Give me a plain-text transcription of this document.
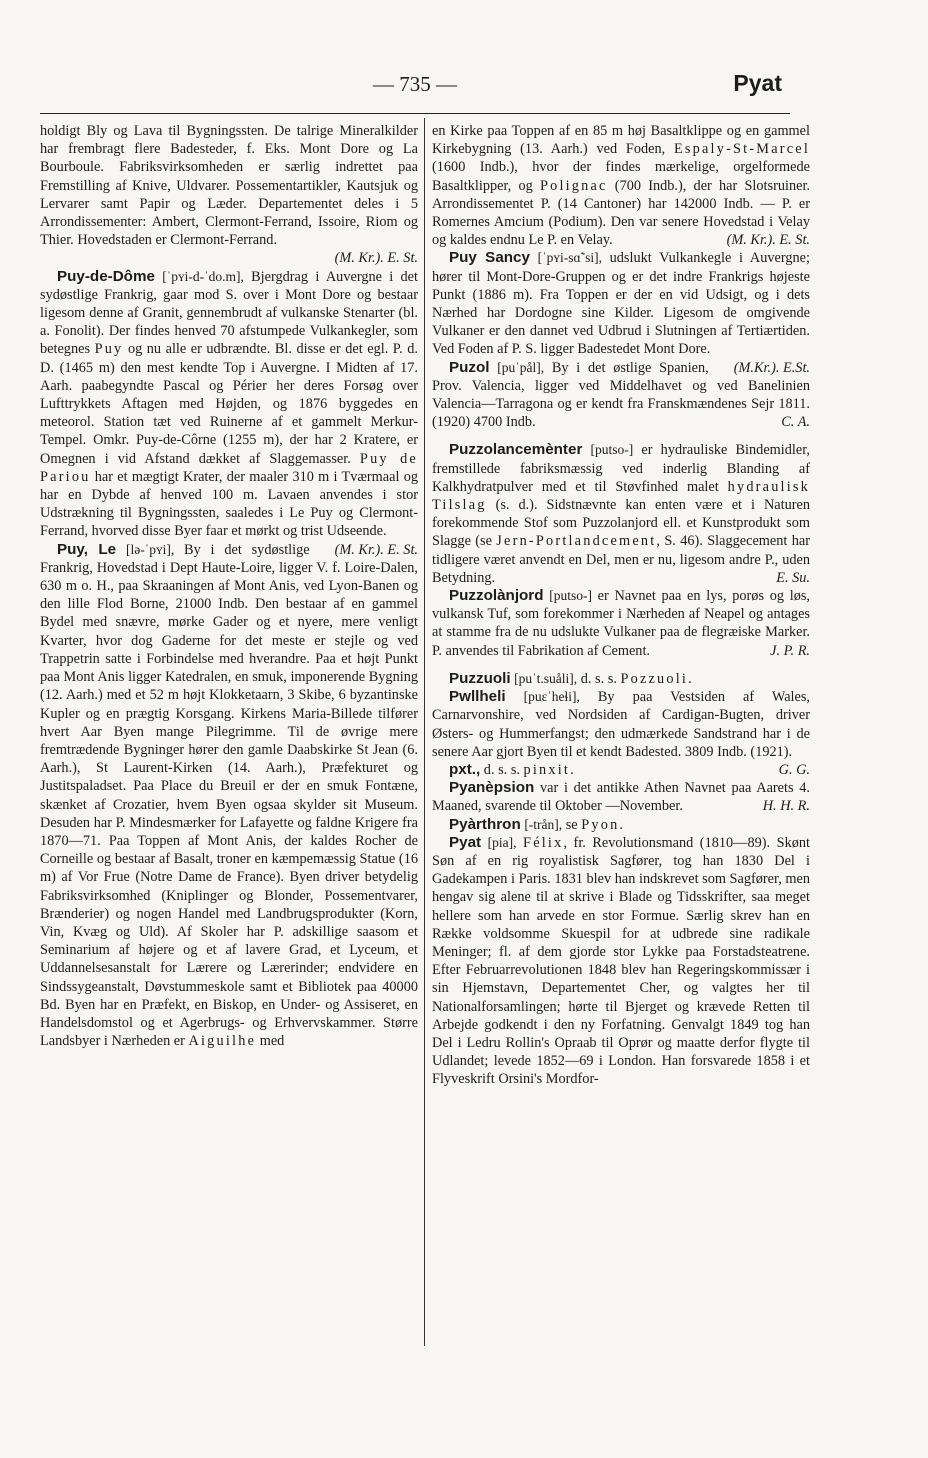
— 735 —	Pyat

holdigt Bly og Lava til Bygningssten. De talrige Mineralkilder har frembragt flere Badesteder, f. Eks. Mont Dore og La Bourboule. Fabriksvirksomheden er særlig indrettet paa Fremstilling af Knive, Uldvarer. Possementartikler, Kautsjuk og Lervarer samt Papir og Læder. Departementet deles i 5 Arrondissementer: Ambert, Clermont-Ferrand, Issoire, Riom og Thier. Hovedstaden er Clermont-Ferrand.

(M. Kr.). E. St.

Puy-de-Dôme [ˈpʏi-d-ˈdo.m], Bjergdrag i Auvergne i det sydøstlige Frankrig, gaar mod S. over i Mont Dore og bestaar ligesom denne af Granit, gennembrudt af vulkanske Stenarter (bl. a. Fonolit). Der findes henved 70 afstumpede Vulkankegler, som betegnes Puy og nu alle er udbrændte. Bl. disse er det egl. P. d. D. (1465 m) den mest kendte Top i Auvergne. I Midten af 17. Aarh. paabegyndte Pascal og Périer her deres Forsøg over Lufttrykkets Aftagen med Højden, og 1876 byggedes en meteorol. Station tæt ved Ruinerne af et gammelt Merkur-Tempel. Omkr. Puy-de-Côrne (1255 m), der har 2 Kratere, er Omegnen i vid Afstand dækket af Slaggemasser. Puy de Pariou har et mægtigt Krater, der maaler 310 m i Tværmaal og har en Dybde af henved 100 m. Lavaen anvendes i stor Udstrækning til Bygningssten, saaledes i Le Puy og Clermont-Ferrand, hvorved disse Byer faar et mørkt og trist Udseende.
(M. Kr.). E. St.

Puy, Le [lə-ˈpʏi], By i det sydøstlige Frankrig, Hovedstad i Dept Haute-Loire, ligger V. f. Loire-Dalen, 630 m o. H., paa Skraaningen af Mont Anis, ved Lyon-Banen og den lille Flod Borne, 21000 Indb. Den bestaar af en gammel Bydel med snævre, mørke Gader og et nyere, mere venligt Kvarter, hvor dog Gaderne for det meste er stejle og ved Trappetrin satte i Forbindelse med hverandre. Paa et højt Punkt paa Mont Anis ligger Katedralen, en smuk, imponerende Bygning (12. Aarh.) med et 52 m højt Klokketaarn, 3 Skibe, 6 byzantinske Kupler og en prægtig Korsgang. Kirkens Maria-Billede tilfører hvert Aar Byen mange Pilegrimme. Til de øvrige mere fremtrædende Bygninger hører den gamle Daabskirke St Jean (6. Aarh.), St Laurent-Kirken (14. Aarh.), Præfekturet og Justitspaladset. Paa Place du Breuil er der en smuk Fontæne, skænket af Crozatier, hvem Byen ogsaa skylder sit Museum. Desuden har P. Mindesmærker for Lafayette og faldne Krigere fra 1870—71. Paa Toppen af Mont Anis, der kaldes Rocher de Corneille og bestaar af Basalt, troner en kæmpemæssig Statue (16 m) af Vor Frue (Notre Dame de France). Byen driver betydelig Fabriksvirksomhed (Kniplinger og Blonder, Possementvarer, Brænderier) og nogen Handel med Landbrugsprodukter (Korn, Vin, Kvæg og Uld). Af Skoler har P. adskillige saasom et Seminarium af højere og et af lavere Grad, et Lyceum, et Uddannelsesanstalt for Lærere og Lærerinder; endvidere en Sindssygeanstalt, Døvstummeskole samt et Bibliotek paa 40000 Bd. Byen har en Præfekt, en Biskop, en Under- og Assiseret, en Handelsdomstol og et Agerbrugs- og Erhvervskammer. Større Landsbyer i Nærheden er Aiguilhe med

en Kirke paa Toppen af en 85 m høj Basaltklippe og en gammel Kirkebygning (13. Aarh.) ved Foden, Espaly-St-Marcel (1600 Indb.), hvor der findes mærkelige, orgelformede Basaltklipper, og Polignac (700 Indb.), der har Slotsruiner. Arrondissementet P. (14 Cantoner) har 142000 Indb. — P. er Romernes Amcium (Podium). Den var senere Hovedstad i Velay og kaldes endnu Le P. en Velay.	(M. Kr.). E. St.

Puy Sancy [ˈpʏi-sɑ̃ˈsi], udslukt Vulkankegle i Auvergne; hører til Mont-Dore-Gruppen og er det indre Frankrigs højeste Punkt (1886 m). Fra Toppen er der en vid Udsigt, og i dets Nærhed har Dordogne sine Kilder. Ligesom de omgivende Vulkaner er den dannet ved Udbrud i Slutningen af Tertiærtiden. Ved Foden af P. S. ligger Badestedet Mont Dore.
(M.Kr.). E.St.

Puzol [puˈpål], By i det østlige Spanien, Prov. Valencia, ligger ved Middelhavet og ved Banelinien Valencia—Tarragona og er kendt fra Franskmændenes Sejr 1811. (1920) 4700 Indb.	C. A.

Puzzolancemènter [putso-] er hydrauliske Bindemidler, fremstillede fabriksmæssig ved inderlig Blanding af Kalkhydratpulver med et til Støvfinhed malet hydraulisk Tilslag (s. d.). Sidstnævnte kan enten være et i Naturen forekommende Stof som Puzzolanjord ell. et Kunstprodukt som Slagge (se Jern-Portlandcement, S. 46). Slaggecement har tidligere været anvendt en Del, men er nu, ligesom andre P., uden Betydning.	E. Su.

Puzzolànjord [putso-] er Navnet paa en lys, porøs og løs, vulkansk Tuf, som forekommer i Nærheden af Neapel og antages at stamme fra de nu udslukte Vulkaner paa de flegræiske Marker. P. anvendes til Fabrikation af Cement.	J. P. R.

Puzzuoli [puˈt.suåli], d. s. s. Pozzuoli.

Pwllheli [puɛˈheɬi], By paa Vestsiden af Wales, Carnarvonshire, ved Nordsiden af Cardigan-Bugten, driver Østers- og Hummerfangst; den udmærkede Sandstrand har i de senere Aar gjort Byen til et kendt Badested. 3809 Indb. (1921).
G. G.

pxt., d. s. s. pinxit.

Pyanèpsion var i det antikke Athen Navnet paa Aarets 4. Maaned, svarende til Oktober —November.	H. H. R.

Pyàrthron [-trån], se Pyon.

Pyat [pia], Félix, fr. Revolutionsmand (1810—89). Skønt Søn af en rig royalistisk Sagfører, tog han 1830 Del i Gadekampen i Paris. 1831 blev han indskrevet som Sagfører, men hengav sig alene til at skrive i Blade og Tidsskrifter, saa meget hellere som han arvede en stor Formue. Særlig skrev han en Række voldsomme Skuespil for at udbrede sine radikale Meninger; fl. af dem gjorde stor Lykke paa Forstadsteatrene. Efter Februarrevolutionen 1848 blev han Regeringskommissær i sin Hjemstavn, Departementet Cher, og valgtes her til Nationalforsamlingen; hørte til Bjerget og krævede Retten til Arbejde godkendt i den ny Forfatning. Genvalgt 1849 tog han Del i Ledru Rollin's Opraab til Oprør og maatte derfor flygte til Udlandet; levede 1852—69 i London. Han forsvarede 1858 i et Flyveskrift Orsini's Mordfor-
